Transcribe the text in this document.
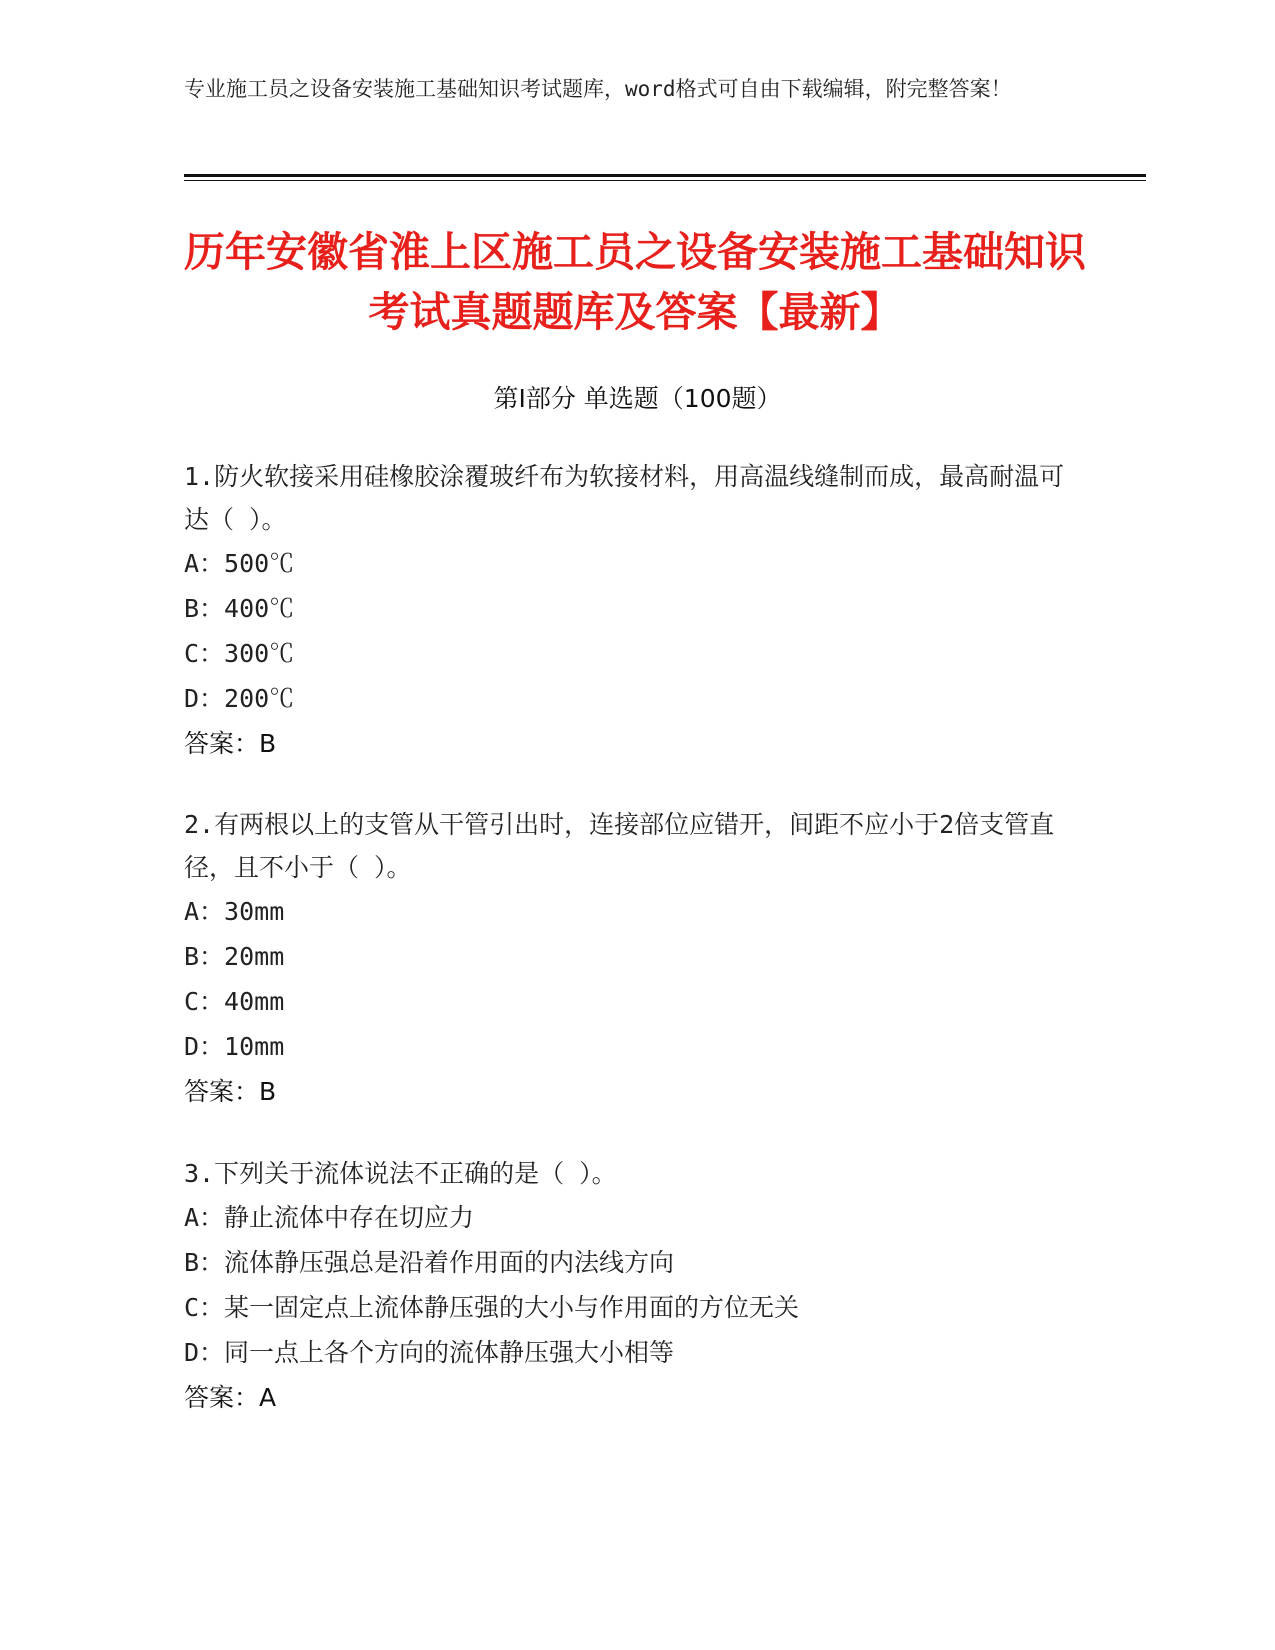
专业施工员之设备安装施工基础知识考试题库，word格式可自由下载编辑，附完整答案！
历年安徽省淮上区施工员之设备安装施工基础知识考试真题题库及答案【最新】
第I部分 单选题（100题）
1.防火软接采用硅橡胶涂覆玻纤布为软接材料，用高温线缝制而成，最高耐温可达（ ）。
A：500℃
B：400℃
C：300℃
D：200℃
答案：B
2.有两根以上的支管从干管引出时，连接部位应错开，间距不应小于2倍支管直径，且不小于（ ）。
A：30mm
B：20mm
C：40mm
D：10mm
答案：B
3.下列关于流体说法不正确的是（ ）。
A：静止流体中存在切应力
B：流体静压强总是沿着作用面的内法线方向
C：某一固定点上流体静压强的大小与作用面的方位无关
D：同一点上各个方向的流体静压强大小相等
答案：A
